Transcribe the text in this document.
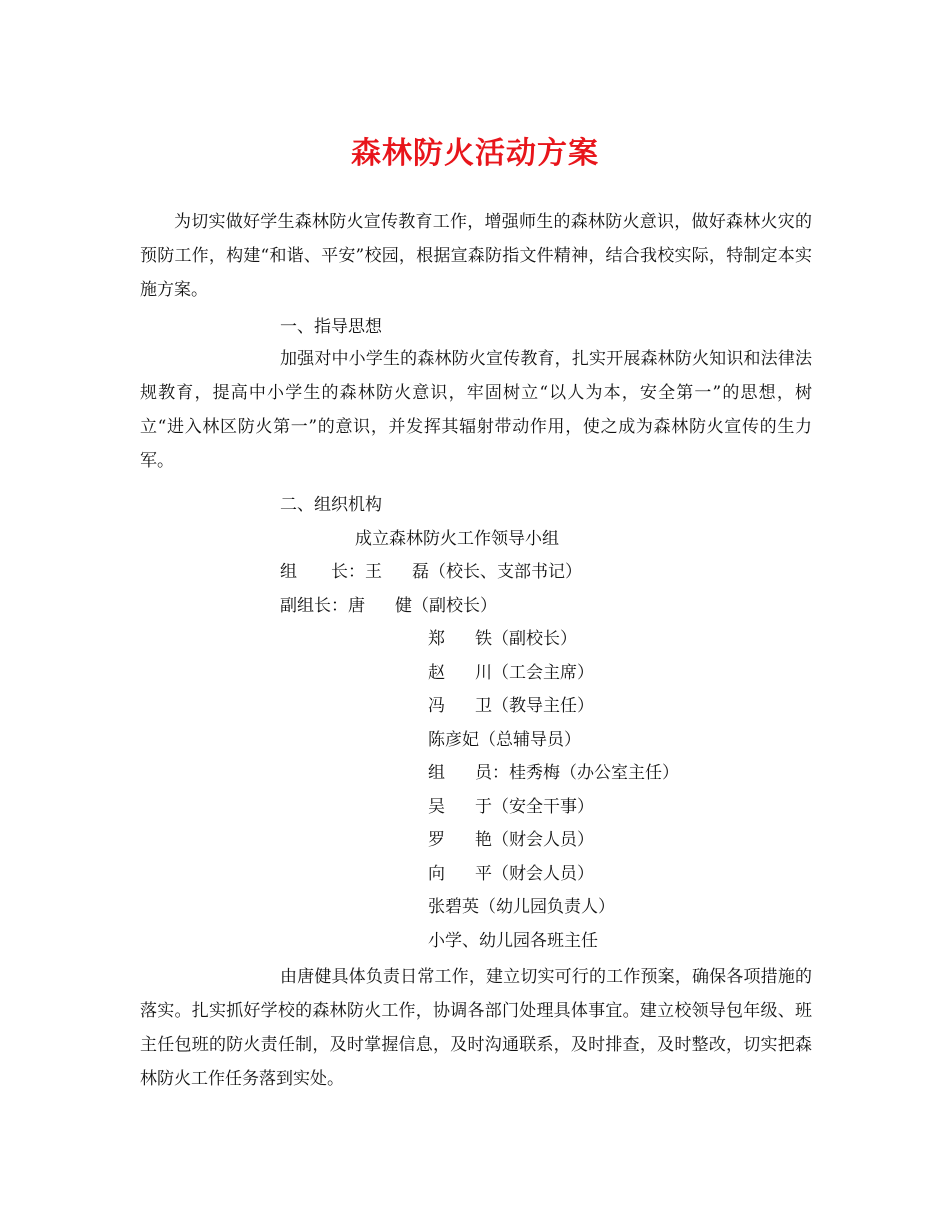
森林防火活动方案
为切实做好学生森林防火宣传教育工作，增强师生的森林防火意识，做好森林火灾的预防工作，构建“和谐、平安”校园，根据宣森防指文件精神，结合我校实际，特制定本实施方案。
一、指导思想
加强对中小学生的森林防火宣传教育，扎实开展森林防火知识和法律法规教育，提高中小学生的森林防火意识，牢固树立“以人为本，安全第一”的思想，树立“进入林区防火第一”的意识，并发挥其辐射带动作用，使之成为森林防火宣传的生力军。
二、组织机构
成立森林防火工作领导小组
组 长：王 磊（校长、支部书记）
副组长：唐 健（副校长）
郑 铁（副校长）
赵 川（工会主席）
冯 卫（教导主任）
陈彦妃（总辅导员）
组 员：桂秀梅（办公室主任）
吴 于（安全干事）
罗 艳（财会人员）
向 平（财会人员）
张碧英（幼儿园负责人）
小学、幼儿园各班主任
由唐健具体负责日常工作，建立切实可行的工作预案，确保各项措施的落实。扎实抓好学校的森林防火工作，协调各部门处理具体事宜。建立校领导包年级、班主任包班的防火责任制，及时掌握信息，及时沟通联系，及时排查，及时整改，切实把森林防火工作任务落到实处。
